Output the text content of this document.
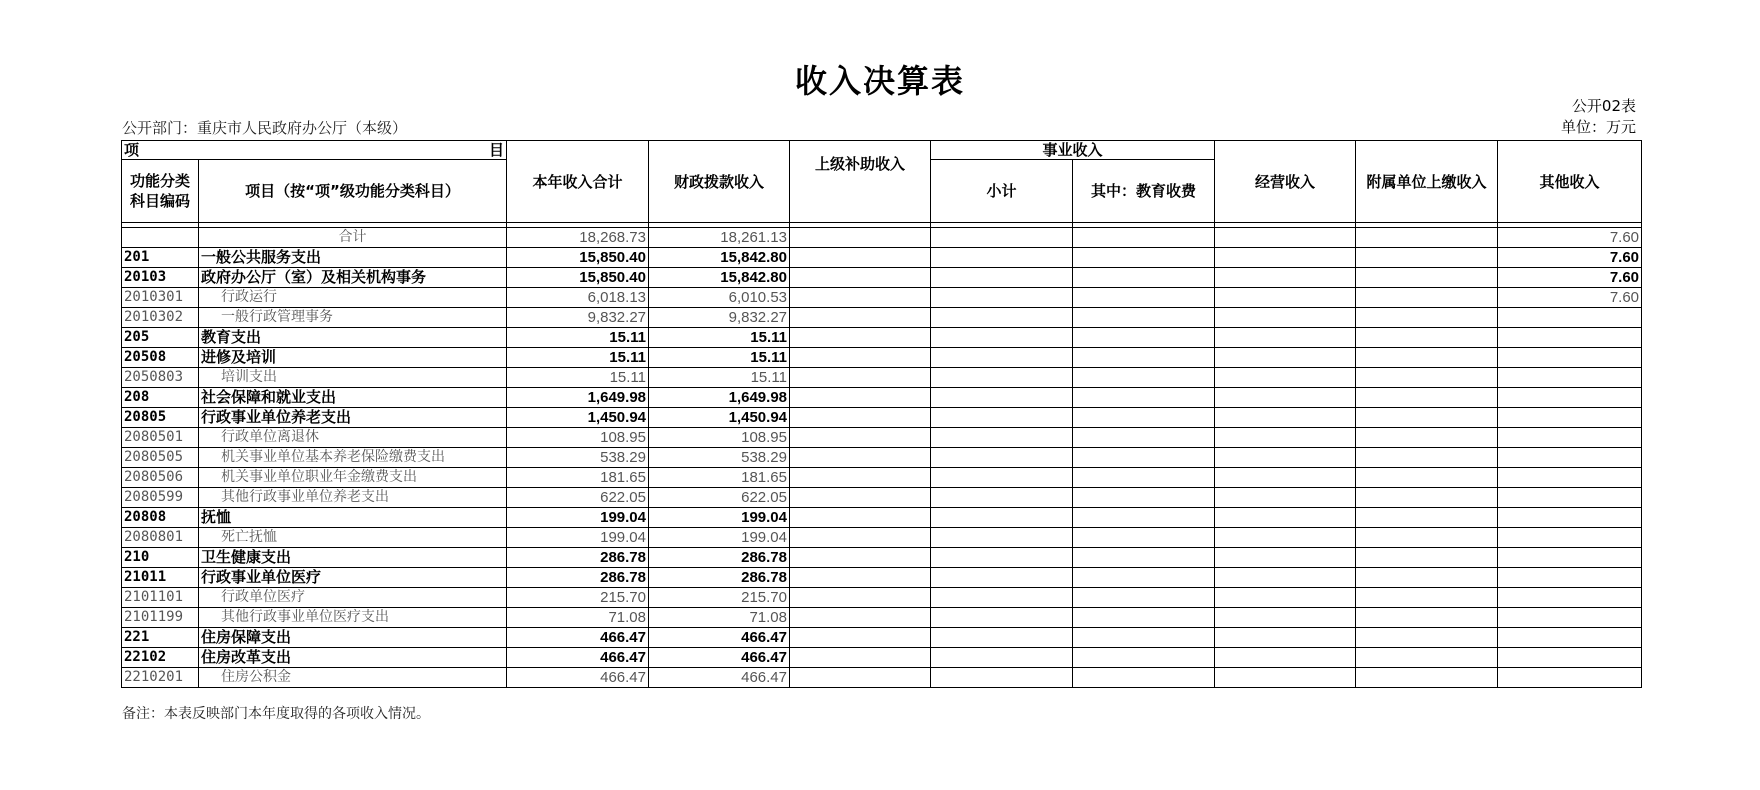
收入决算表
公开02表
单位：万元
公开部门：重庆市人民政府办公厅（本级）
项 目		本年收入合计	财政拨款收入	上级补助收入	事业收入		经营收入	附属单位上缴收入	其他收入
功能分类科目编码	项目（按“项”级功能分类科目）				小计	其中：教育收费			

	合计	18,268.73	18,261.13						7.60
201	一般公共服务支出	15,850.40	15,842.80						7.60
20103	政府办公厅（室）及相关机构事务	15,850.40	15,842.80						7.60
2010301	行政运行	6,018.13	6,010.53						7.60
2010302	一般行政管理事务	9,832.27	9,832.27						
205	教育支出	15.11	15.11						
20508	进修及培训	15.11	15.11						
2050803	培训支出	15.11	15.11						
208	社会保障和就业支出	1,649.98	1,649.98						
20805	行政事业单位养老支出	1,450.94	1,450.94						
2080501	行政单位离退休	108.95	108.95						
2080505	机关事业单位基本养老保险缴费支出	538.29	538.29						
2080506	机关事业单位职业年金缴费支出	181.65	181.65						
2080599	其他行政事业单位养老支出	622.05	622.05						
20808	抚恤	199.04	199.04						
2080801	死亡抚恤	199.04	199.04						
210	卫生健康支出	286.78	286.78						
21011	行政事业单位医疗	286.78	286.78						
2101101	行政单位医疗	215.70	215.70						
2101199	其他行政事业单位医疗支出	71.08	71.08						
221	住房保障支出	466.47	466.47						
22102	住房改革支出	466.47	466.47						
2210201	住房公积金	466.47	466.47						
备注：本表反映部门本年度取得的各项收入情况。
